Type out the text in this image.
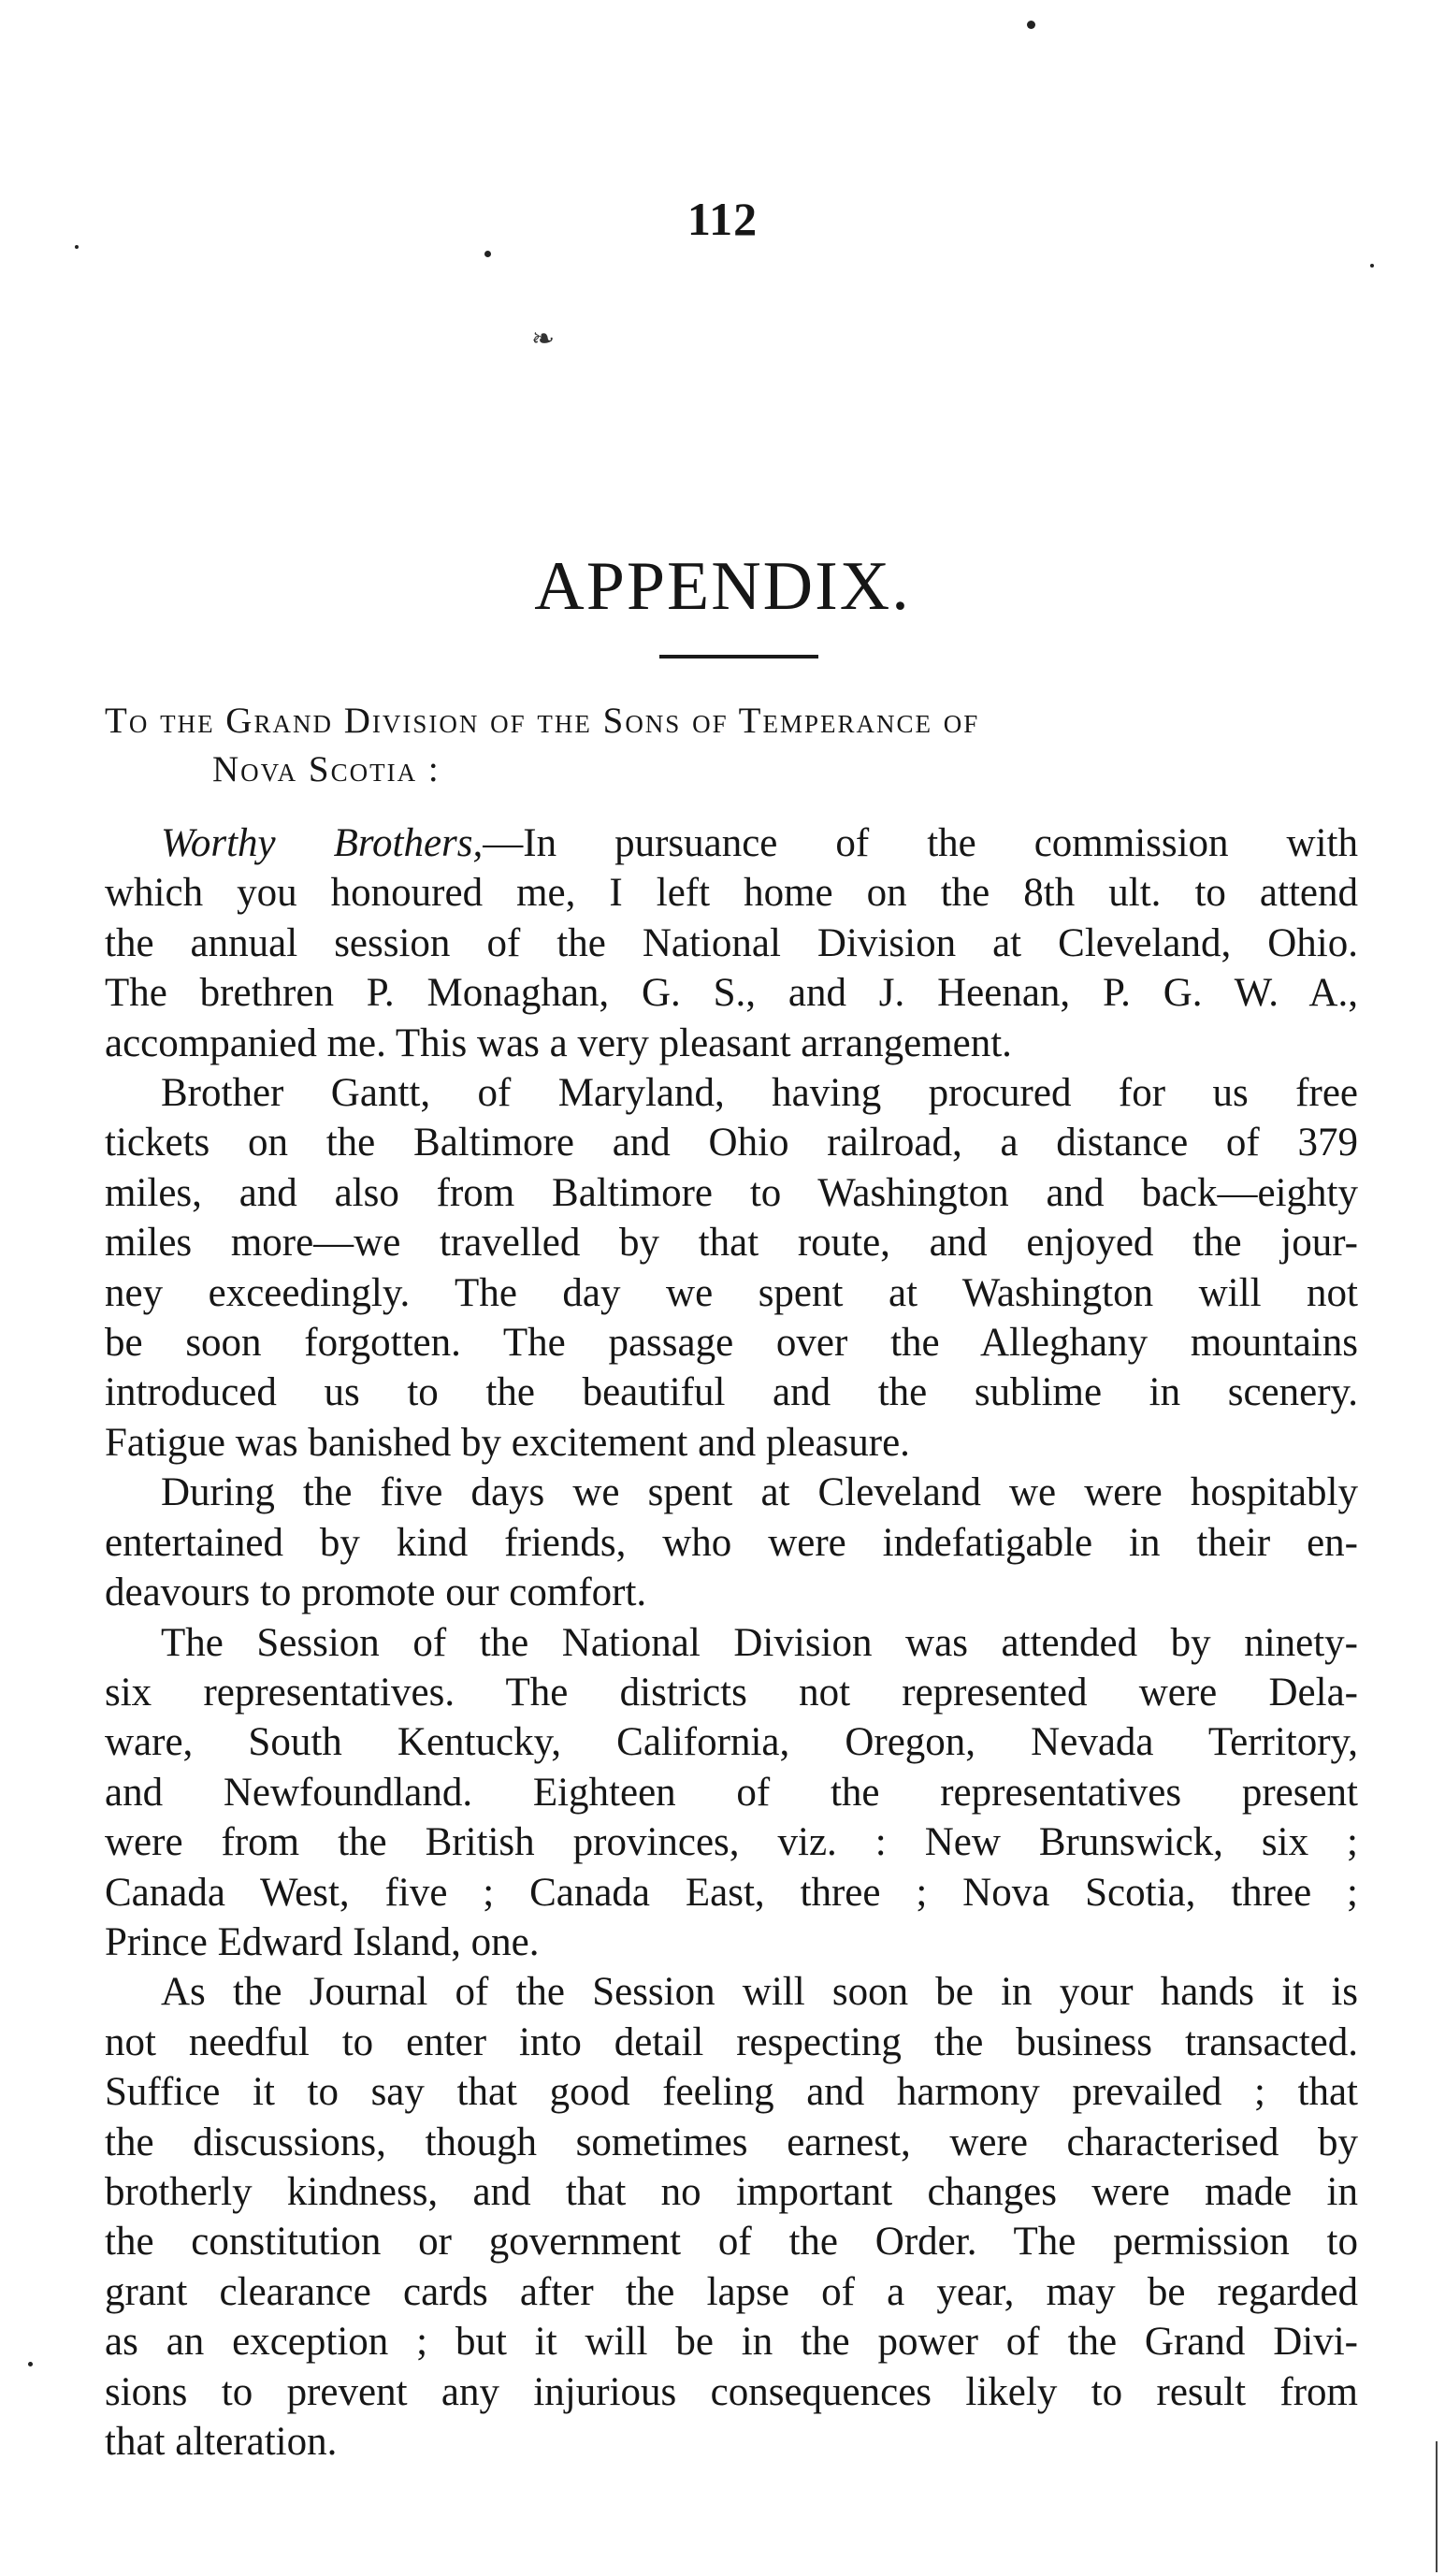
112
❧
APPENDIX.
To the Grand Division of the Sons of Temperance of
Nova Scotia :
Worthy Brothers,—In pursuance of the commission with
which you honoured me, I left home on the 8th ult. to attend
the annual session of the National Division at Cleveland, Ohio.
The brethren P. Monaghan, G. S., and J. Heenan, P. G. W. A.,
accompanied me. This was a very pleasant arrangement.
Brother Gantt, of Maryland, having procured for us free
tickets on the Baltimore and Ohio railroad, a distance of 379
miles, and also from Baltimore to Washington and back—eighty
miles more—we travelled by that route, and enjoyed the jour-
ney exceedingly. The day we spent at Washington will not
be soon forgotten. The passage over the Alleghany mountains
introduced us to the beautiful and the sublime in scenery.
Fatigue was banished by excitement and pleasure.
During the five days we spent at Cleveland we were hospitably
entertained by kind friends, who were indefatigable in their en-
deavours to promote our comfort.
The Session of the National Division was attended by ninety-
six representatives. The districts not represented were Dela-
ware, South Kentucky, California, Oregon, Nevada Territory,
and Newfoundland. Eighteen of the representatives present
were from the British provinces, viz. : New Brunswick, six ;
Canada West, five ; Canada East, three ; Nova Scotia, three ;
Prince Edward Island, one.
As the Journal of the Session will soon be in your hands it is
not needful to enter into detail respecting the business transacted.
Suffice it to say that good feeling and harmony prevailed ; that
the discussions, though sometimes earnest, were characterised by
brotherly kindness, and that no important changes were made in
the constitution or government of the Order. The permission to
grant clearance cards after the lapse of a year, may be regarded
as an exception ; but it will be in the power of the Grand Divi-
sions to prevent any injurious consequences likely to result from
that alteration.
